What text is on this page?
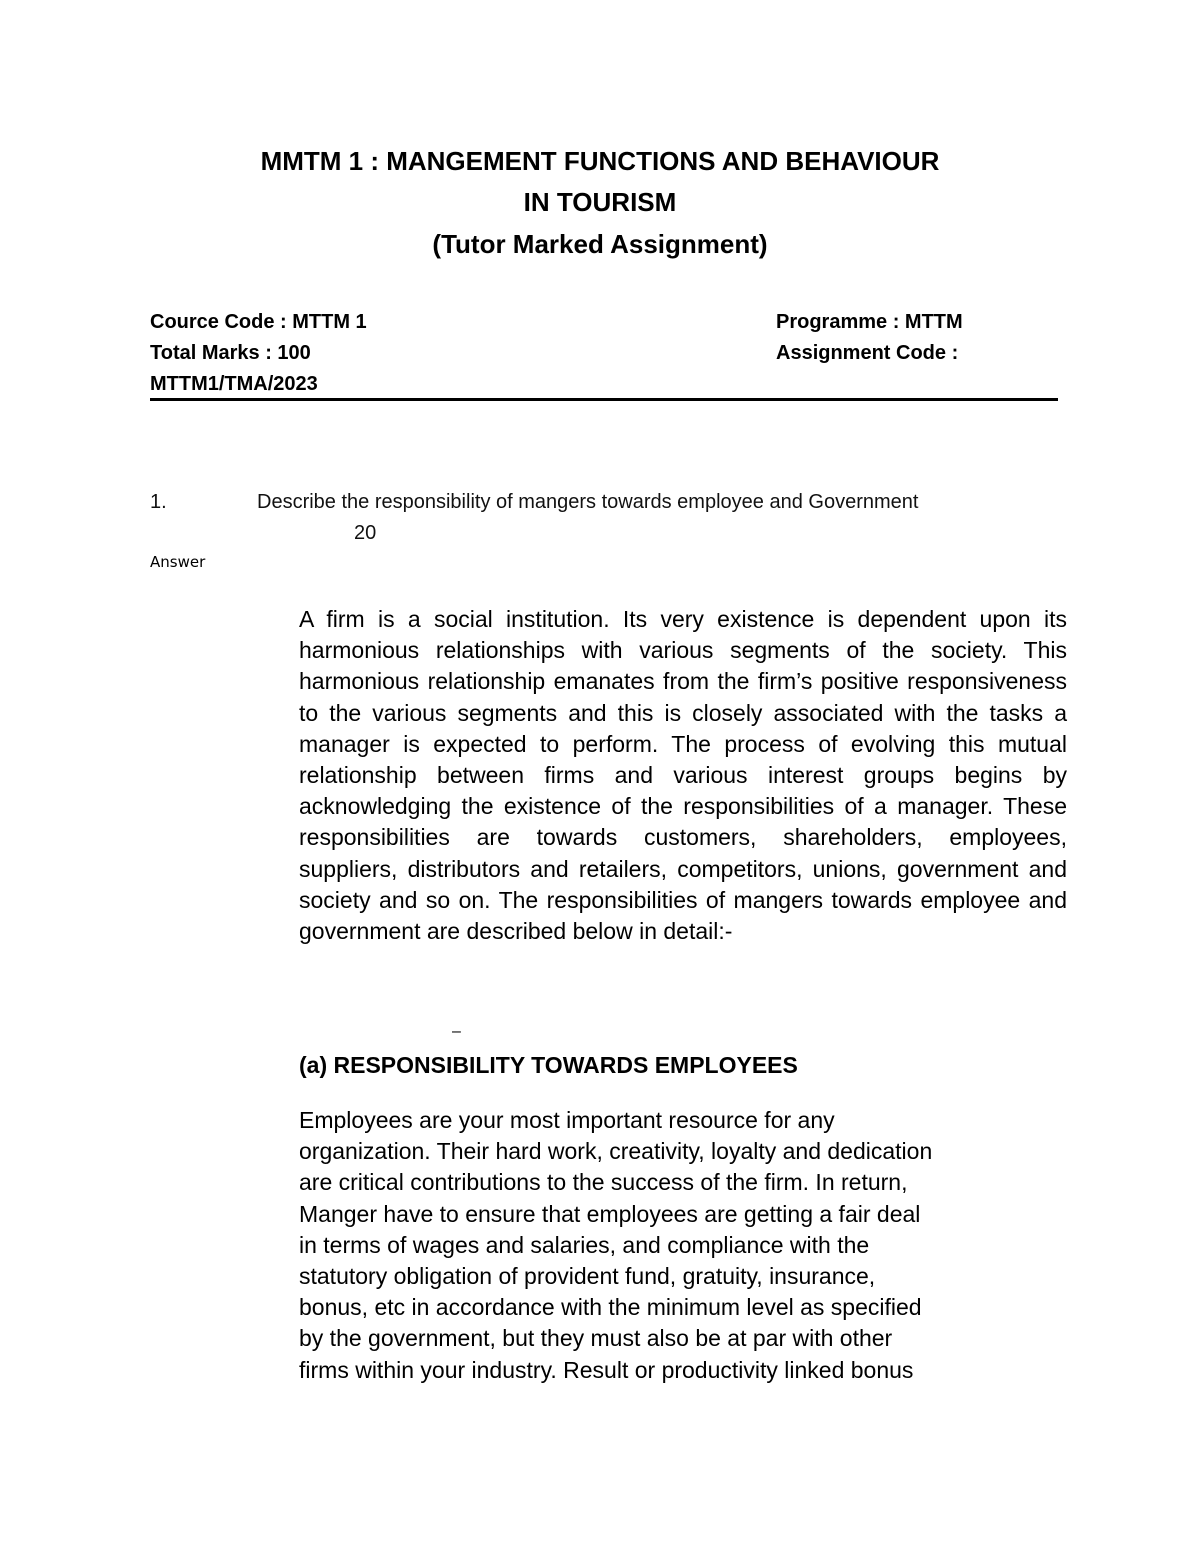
MMTM 1 : MANGEMENT FUNCTIONS AND BEHAVIOUR
IN TOURISM
(Tutor Marked Assignment)
Cource Code : MTTM 1	Programme : MTTM
Total Marks : 100	Assignment Code :
MTTM1/TMA/2023
1.	Describe the responsibility of mangers towards employee and Government
20
Answer

A firm is a social institution. Its very existence is dependent upon its harmonious relationships with various segments of the society. This harmonious relationship emanates from the firm’s positive responsiveness to the various segments and this is closely associated with the tasks a manager is expected to perform. The process of evolving this mutual relationship between firms and various interest groups begins by acknowledging the existence of the responsibilities of a manager. These responsibilities are towards customers, shareholders, employees, suppliers, distributors and retailers, competitors, unions, government and society and so on. The responsibilities of mangers towards employee and government are described below in detail:-

–
(a) RESPONSIBILITY TOWARDS EMPLOYEES
Employees are your most important resource for any
organization. Their hard work, creativity, loyalty and dedication
are critical contributions to the success of the firm. In return,
Manger have to ensure that employees are getting a fair deal
in terms of wages and salaries, and compliance with the
statutory obligation of provident fund, gratuity, insurance,
bonus, etc in accordance with the minimum level as specified
by the government, but they must also be at par with other
firms within your industry. Result or productivity linked bonus
